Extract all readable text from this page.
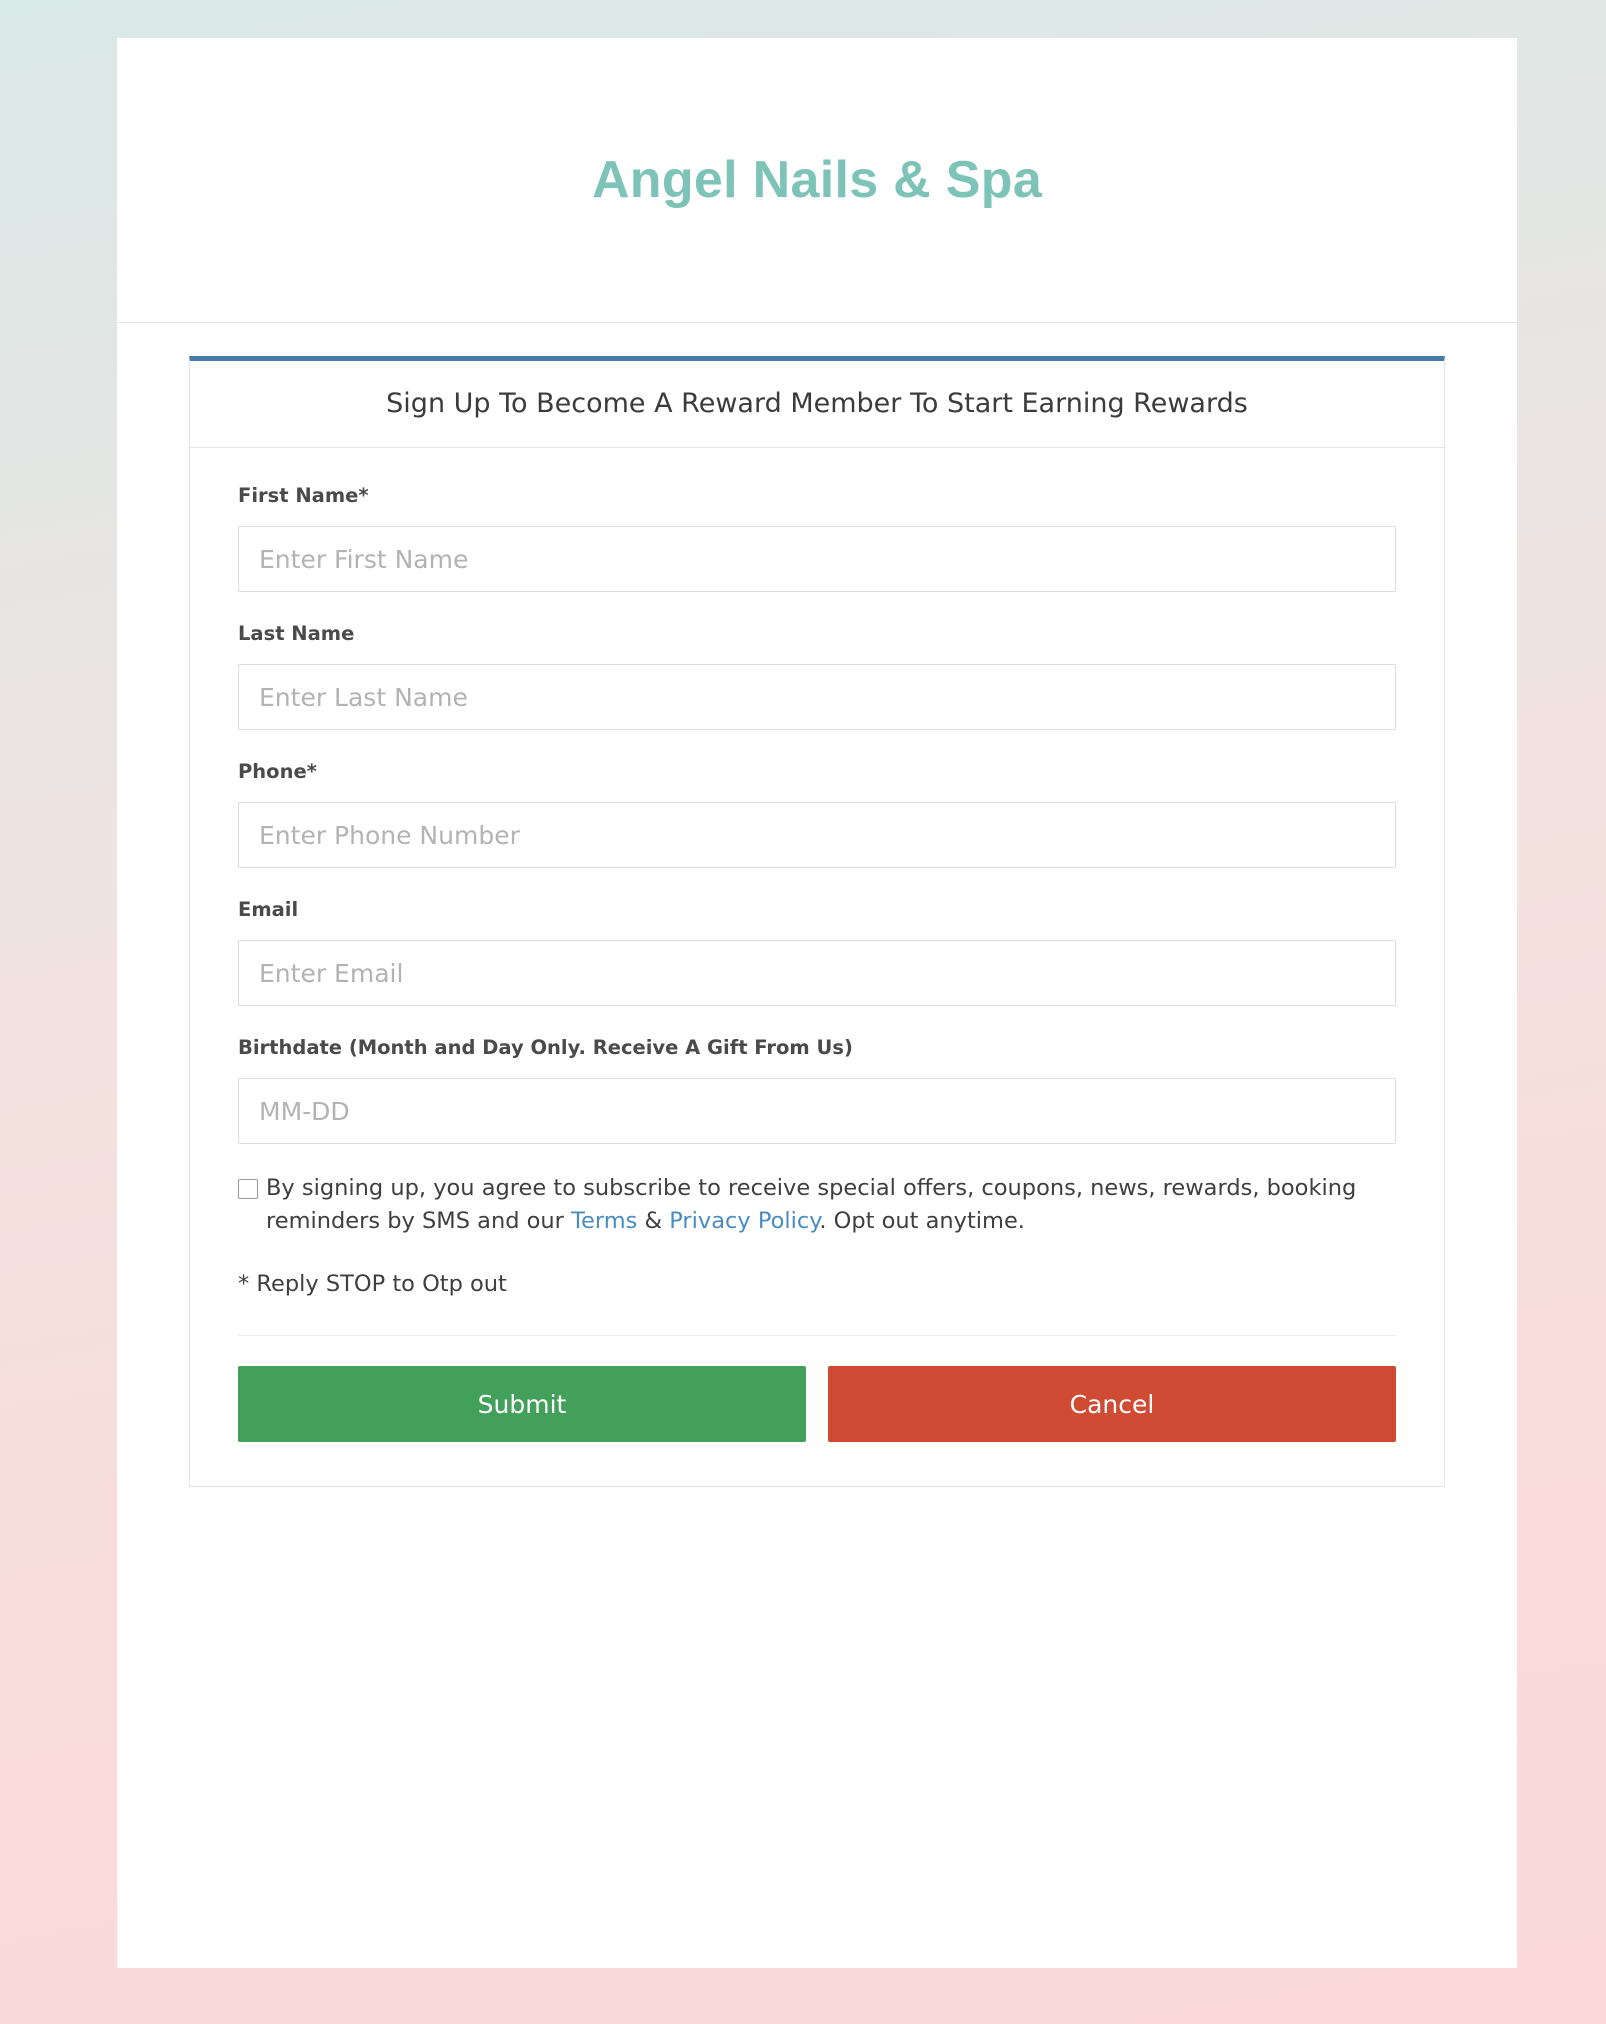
Angel Nails & Spa
Sign Up To Become A Reward Member To Start Earning Rewards
First Name*
Enter First Name
Last Name
Enter Last Name
Phone*
Enter Phone Number
Email
Enter Email
Birthdate (Month and Day Only. Receive A Gift From Us)
MM-DD
By signing up, you agree to subscribe to receive special offers, coupons, news, rewards, booking reminders by SMS and our Terms & Privacy Policy. Opt out anytime.
* Reply STOP to Otp out
Submit	Cancel
